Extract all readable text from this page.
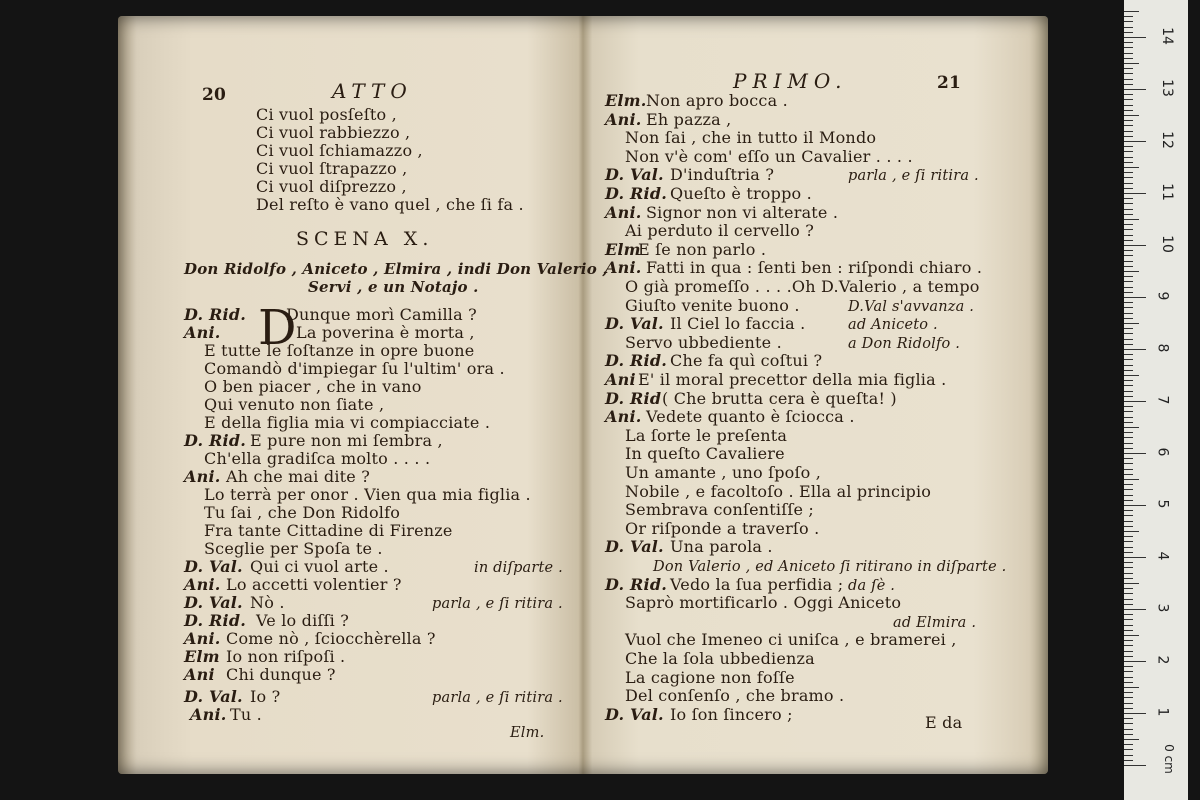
20	ATTO
Ci vuol posſeſto ,
Ci vuol rabbiezzo ,
Ci vuol ſchiamazzo ,
Ci vuol ſtrapazzo ,
Ci vuol diſprezzo ,
Del reſto è vano quel , che ſi fa .
SCENA X.
Don Ridolfo , Aniceto , Elmira , indi Don Valerio ,
Servi , e un Notajo .
D
D. Rid.	Dunque morì Camilla ?
Ani.	La poverina è morta ,
E tutte le ſoſtanze in opre buone
Comandò d'impiegar ſu l'ultim' ora .
O ben piacer , che in vano
Qui venuto non ſiate ,
E della figlia mia vi compiacciate .
D. Rid. E pure non mi ſembra ,
Ch'ella gradiſca molto . . . .
Ani. Ah che mai dite ?
Lo terrà per onor . Vien qua mia figlia .
Tu ſai , che Don Ridolfo
Fra tante Cittadine di Firenze
Sceglie per Spoſa te .
D. Val. Qui ci vuol arte .	in diſparte .
Ani. Lo accetti volentier ?
D. Val. Nò .	parla , e ſi ritira .
D. Rid. Ve lo diſſi ?
Ani. Come nò , ſciocchèrella ?
Elm Io non riſpoſi .
Ani Chi dunque ?
D. Val. Io ?	parla , e ſi ritira .
Ani. Tu .
Elm.
PRIMO.	21
Elm. Non apro bocca .
Ani. Eh pazza ,
Non ſai , che in tutto il Mondo
Non v'è com' eſſo un Cavalier . . . .
D. Val. D'induſtria ?	parla , e ſi ritira .
D. Rid. Queſto è troppo .
Ani. Signor non vi alterate .
Ai perduto il cervello ?
Elm
E ſe non parlo .
Ani. Fatti in qua : ſenti ben : riſpondi chiaro .
O già promeſſo . . . .Oh D.Valerio , a tempo
Giuſto venite buono .	D.Val s'avvanza .
D. Val. Il Ciel lo faccia .	ad Aniceto .
Servo ubbediente .	a Don Ridolfo .
D. Rid. Che fa quì coſtui ?
Ani E' il moral precettor della mia figlia .
D. Rid ( Che brutta cera è queſta! )
Ani. Vedete quanto è ſciocca .
La ſorte le preſenta
In queſto Cavaliere
Un amante , uno ſpoſo ,
Nobile , e facoltoſo . Ella al principio
Sembrava conſentiſſe ;
Or riſponde a traverſo .
D. Val. Una parola .
Don Valerio , ed Aniceto ſi ritirano in diſparte .
D. Rid. Vedo la ſua perfidia ; da ſè .
Saprò mortificarlo . Oggi Aniceto
ad Elmira .
Vuol che Imeneo ci uniſca , e bramerei ,
Che la ſola ubbedienza
La cagione non foſſe
Del conſenſo , che bramo .
D. Val. Io ſon ſincero ;	E da
0 cm
1
2
3
4
5
6
7
8
9
10
11
12
13
14
